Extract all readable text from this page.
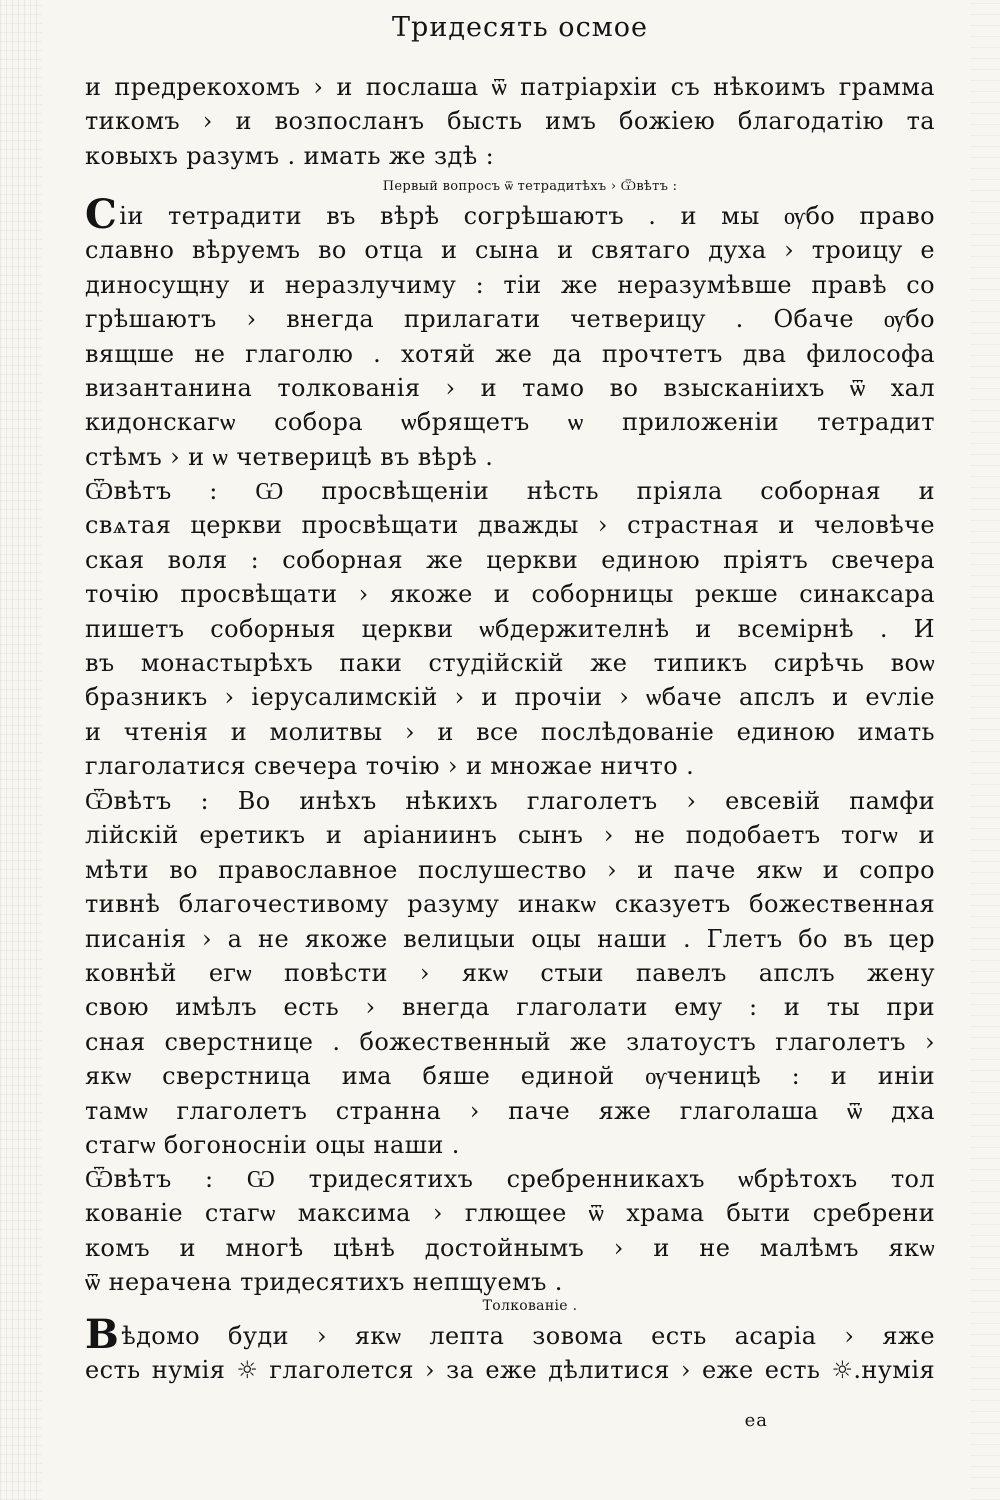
Тридесять осмое
и предрекохомъ › и послаша ѿ патріархіи съ нѣкоимъ грамма
тикомъ › и возпосланъ бысть имъ божіею благодатію та
ковыхъ разумъ . имать же здѣ :
Первый вопросъ ѿ тетрадитѣхъ › Ѿвѣтъ :
Сіи тетрадити въ вѣрѣ согрѣшаютъ . и мы ѹбо право
славно вѣруемъ во отца и сына и святаго духа › троицу е
диносущну и неразлучиму : тіи же неразумѣвше правѣ со
грѣшаютъ › внегда прилагати четверицу . Обаче ѹбо
вящше не глаголю . хотяй же да прочтетъ два философа
византанина толкованія › и тамо во взысканіихъ ѿ хал
кидонскагѡ собора ѡбрящетъ ѡ приложеніи тетрадит
стѣмъ › и ѡ четверицѣ въ вѣрѣ .
Ѿвѣтъ : Ѡ просвѣщеніи нѣсть пріяла соборная и
свѧтая церкви просвѣщати дважды › страстная и человѣче
ская воля : соборная же церкви единою пріятъ свечера
точію просвѣщати › якоже и соборницы рекше синаксара
пишетъ соборныя церкви ѡбдержителнѣ и всемірнѣ . И
въ монастырѣхъ паки студійскій же типикъ сирѣчь воѡ
бразникъ › іерусалимскій › и прочіи › ѡбаче апслъ и еѵліе
и чтенія и молитвы › и все послѣдованіе единою имать
глаголатися свечера точію › и множае ничто .
Ѿвѣтъ : Во инѣхъ нѣкихъ глаголетъ › евсевій памфи
лійскій еретикъ и аріаниинъ сынъ › не подобаетъ тогѡ и
мѣти во православное послушество › и паче якѡ и сопро
тивнѣ благочестивому разуму инакѡ сказуетъ божественная
писанія › а не якоже велицыи оцы наши . Глетъ бо въ цер
ковнѣй егѡ повѣсти › якѡ стыи павелъ апслъ жену
свою имѣлъ есть › внегда глаголати ему : и ты при
сная сверстнице . божественный же златоустъ глаголетъ ›
якѡ сверстница има бяше единой ѹченицѣ : и иніи
тамѡ глаголетъ странна › паче яже глаголаша ѿ дха
стагѡ богоносніи оцы наши .
Ѿвѣтъ : Ѡ тридесятихъ сребренникахъ ѡбрѣтохъ тол
кованіе стагѡ максима › глющее ѿ храма быти сребрени
комъ и многѣ цѣнѣ достойнымъ › и не малѣмъ якѡ
ѿ нерачена тридесятихъ непщуемъ .
Толкованіе .
Вѣдомо буди › якѡ лепта зовома есть асаріа › яже
есть нумія ☼ глаголется › за еже дѣлитися › еже есть ☼.нумія
еа
